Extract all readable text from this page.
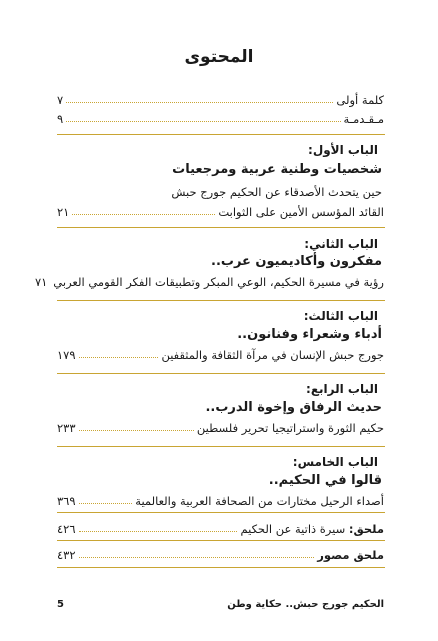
المحتوى
كلمة أولى
٧
مـقـدمـة
٩
الباب الأول:
شخصيات وطنية عربية ومرجعيات
حين يتحدث الأصدقاء عن الحكيم جورج حبش
القائد المؤسس الأمين على الثوابت
٢١
الباب الثاني:
مفكرون وأكاديميون عرب..
رؤية في مسيرة الحكيم، الوعي المبكر وتطبيقات الفكر القومي العربي
٧١
الباب الثالث:
أدباء وشعراء وفنانون..
جورج حبش الإنسان في مرآة الثقافة والمثقفين
١٧٩
الباب الرابع:
حديث الرفاق وإخوة الدرب..
حكيم الثورة واستراتيجيا تحرير فلسطين
٢٣٣
الباب الخامس:
قالوا في الحكيم..
أصداء الرحيل مختارات من الصحافة العربية والعالمية
٣٦٩
ملحق: سيرة ذاتية عن الحكيم
٤٢٦
ملحق مصور
٤٣٢
الحكيم جورج حبش.. حكاية وطن
5
